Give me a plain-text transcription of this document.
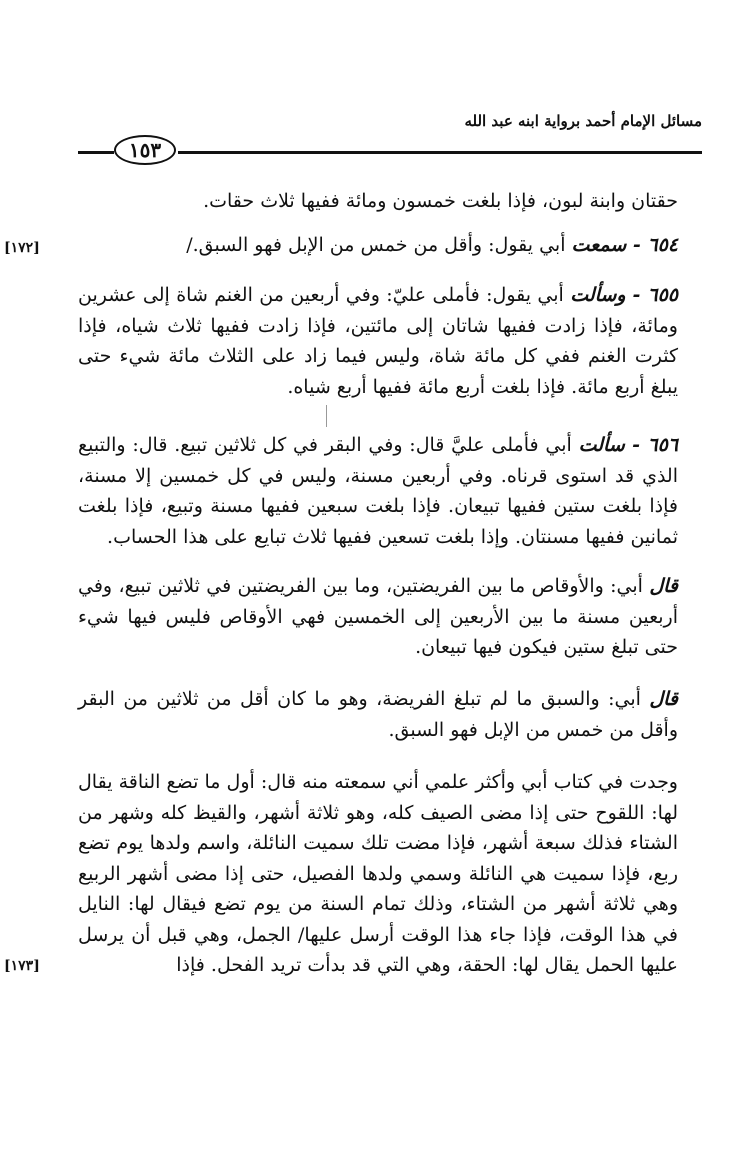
مسائل الإمام أحمد برواية ابنه عبد الله
١٥٣
[١٧٢]
[١٧٣]

حقتان وابنة لبون، فإذا بلغت خمسون ومائة ففيها ثلاث حقات.

٦٥٤ - سمعت أبي يقول: وأقل من خمس من الإبل فهو السبق./

٦٥٥ - وسألت أبي يقول: فأملى عليّ: وفي أربعين من الغنم شاة إلى عشرين ومائة، فإذا زادت ففيها شاتان إلى مائتين، فإذا زادت ففيها ثلاث شياه، فإذا كثرت الغنم ففي كل مائة شاة، وليس فيما زاد على الثلاث مائة شيء حتى يبلغ أربع مائة. فإذا بلغت أربع مائة ففيها أربع شياه.

٦٥٦ - سألت أبي فأملى عليَّ قال: وفي البقر في كل ثلاثين تبيع. قال: والتبيع الذي قد استوى قرناه. وفي أربعين مسنة، وليس في كل خمسين إلا مسنة، فإذا بلغت ستين ففيها تبيعان. فإذا بلغت سبعين ففيها مسنة وتبيع، فإذا بلغت ثمانين ففيها مسنتان. وإذا بلغت تسعين ففيها ثلاث تبايع على هذا الحساب.

قال أبي: والأوقاص ما بين الفريضتين، وما بين الفريضتين في ثلاثين تبيع، وفي أربعين مسنة ما بين الأربعين إلى الخمسين فهي الأوقاص فليس فيها شيء حتى تبلغ ستين فيكون فيها تبيعان.

قال أبي: والسبق ما لم تبلغ الفريضة، وهو ما كان أقل من ثلاثين من البقر وأقل من خمس من الإبل فهو السبق.

وجدت في كتاب أبي وأكثر علمي أني سمعته منه قال: أول ما تضع الناقة يقال لها: اللقوح حتى إذا مضى الصيف كله، وهو ثلاثة أشهر، والقيظ كله وشهر من الشتاء فذلك سبعة أشهر، فإذا مضت تلك سميت النائلة، واسم ولدها يوم تضع ربع، فإذا سميت هي النائلة وسمي ولدها الفصيل، حتى إذا مضى أشهر الربيع وهي ثلاثة أشهر من الشتاء، وذلك تمام السنة من يوم تضع فيقال لها: النايل في هذا الوقت، فإذا جاء هذا الوقت أرسل عليها/ الجمل، وهي قبل أن يرسل عليها الحمل يقال لها: الحقة، وهي التي قد بدأت تريد الفحل. فإذا
